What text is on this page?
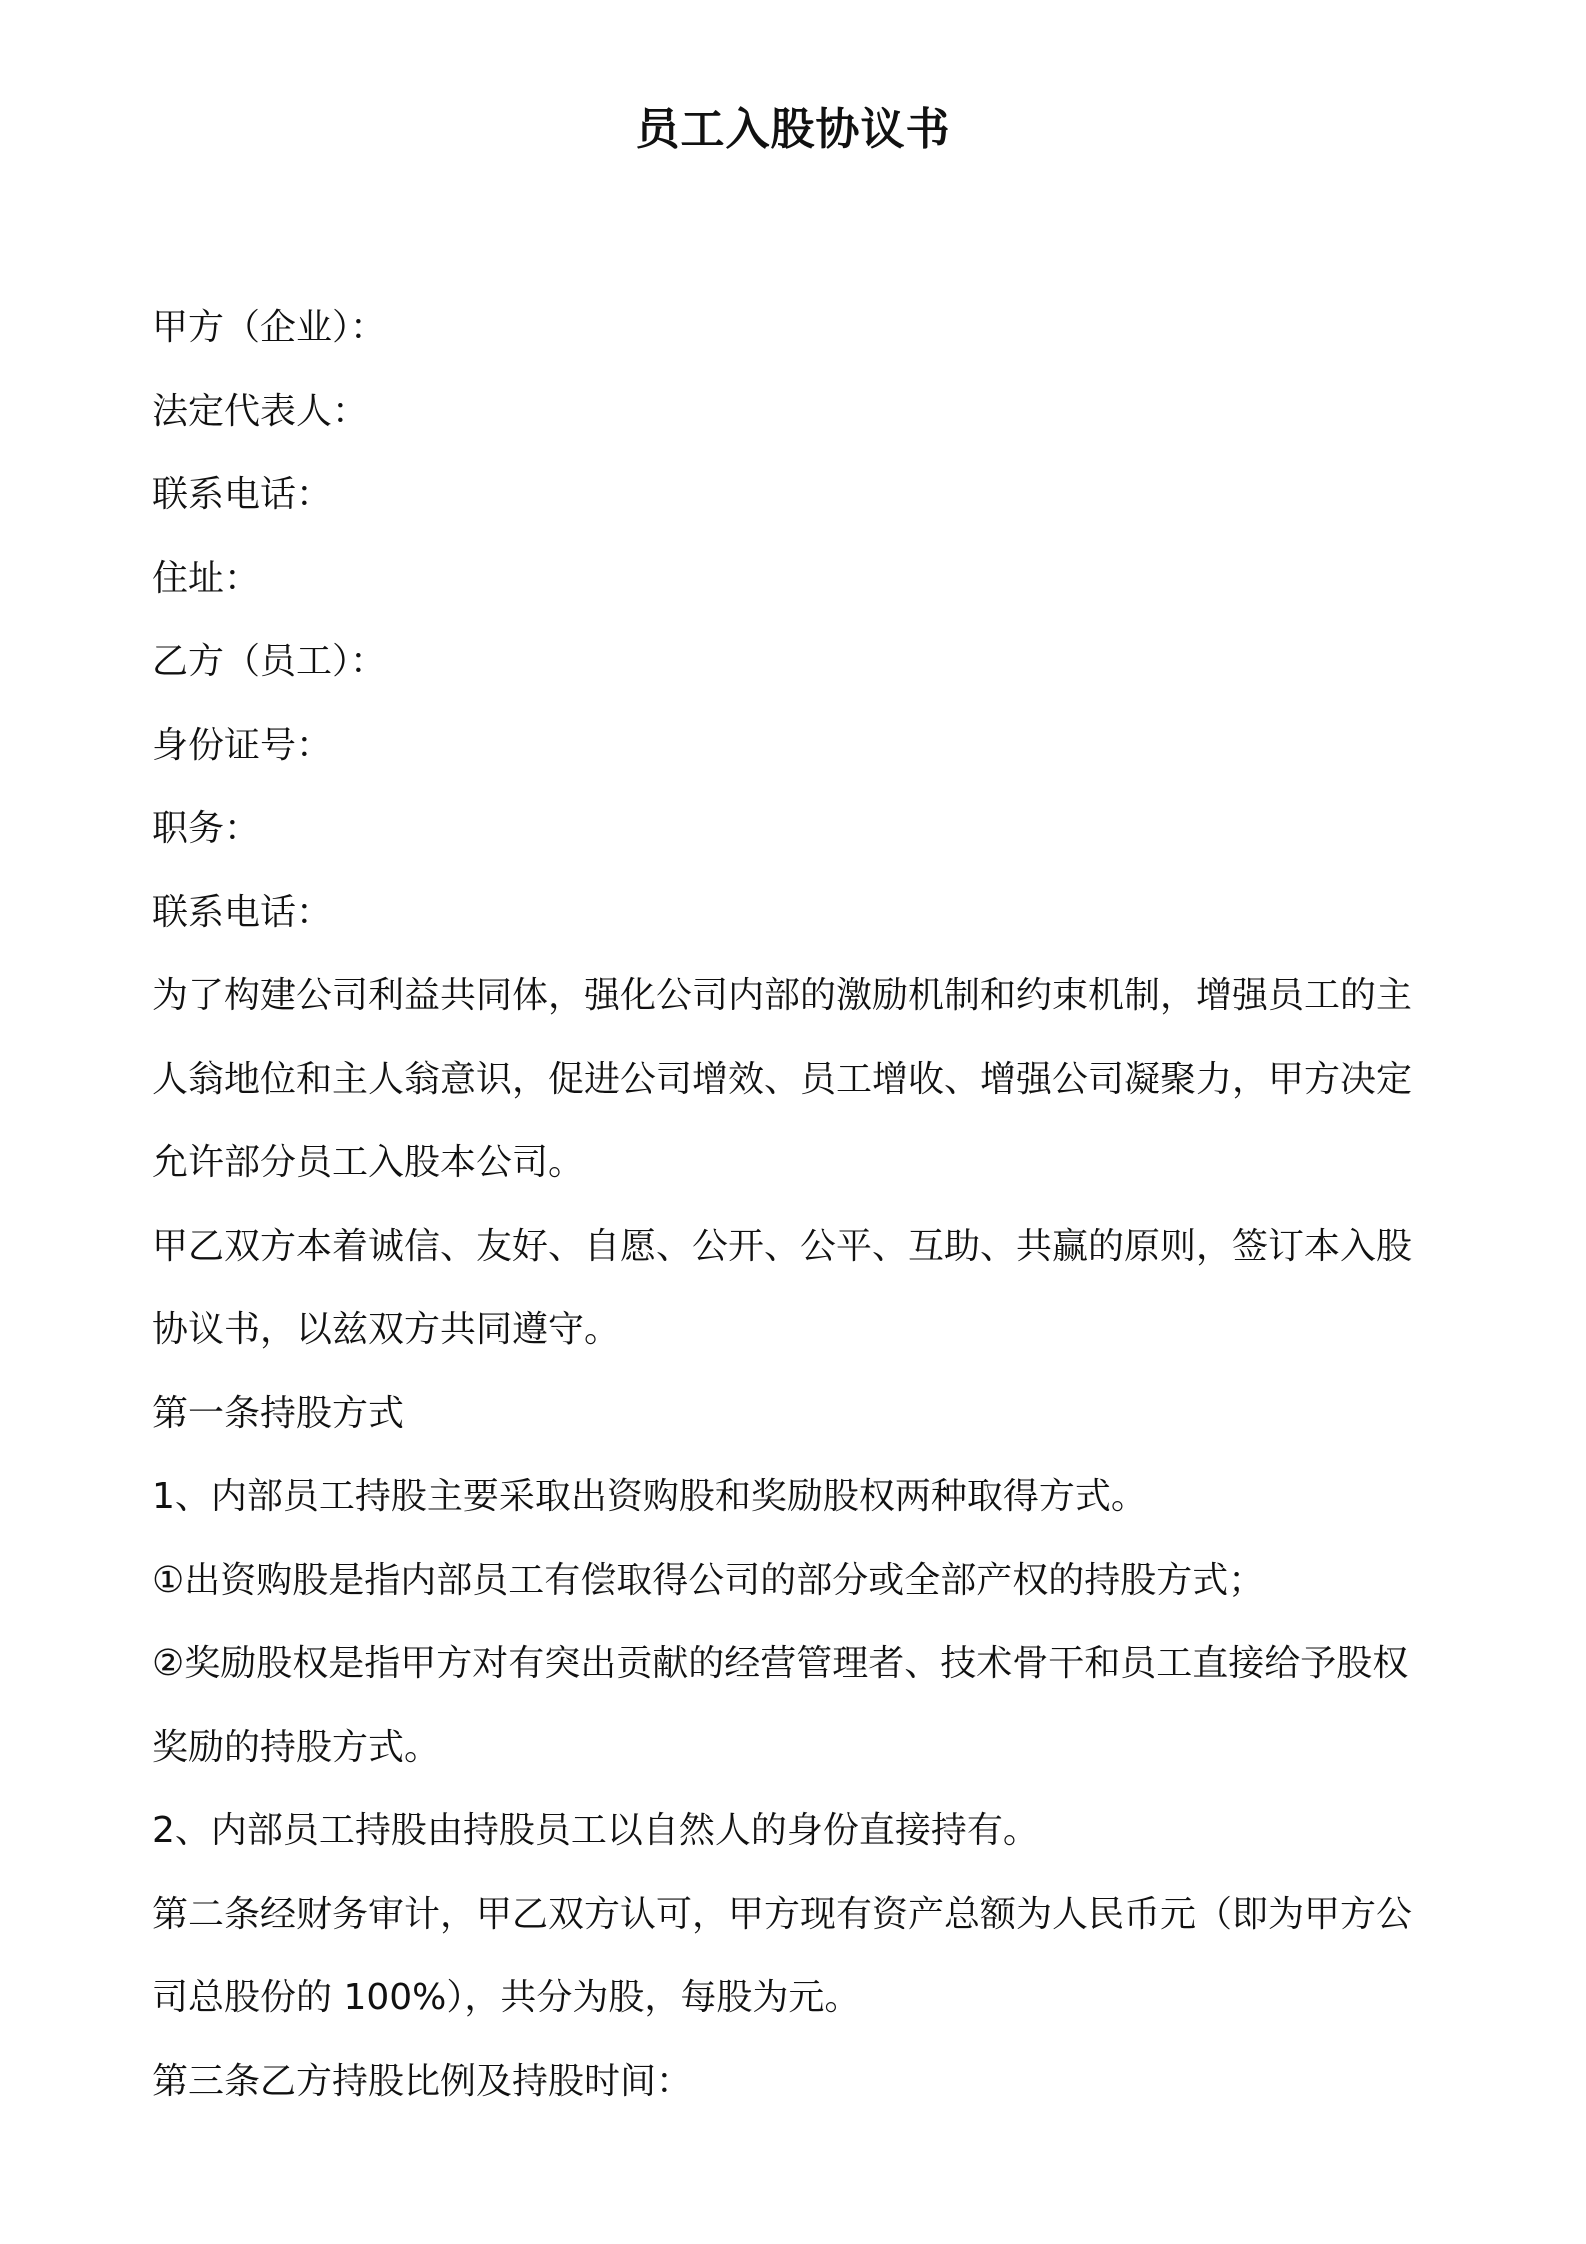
员工入股协议书

甲方（企业）：

法定代表人：

联系电话：

住址：

乙方（员工）：

身份证号：

职务：

联系电话：

为了构建公司利益共同体，强化公司内部的激励机制和约束机制，增强员工的主人翁地位和主人翁意识，促进公司增效、员工增收、增强公司凝聚力，甲方决定允许部分员工入股本公司。

甲乙双方本着诚信、友好、自愿、公开、公平、互助、共赢的原则，签订本入股协议书，以兹双方共同遵守。

第一条持股方式

1、内部员工持股主要采取出资购股和奖励股权两种取得方式。

①出资购股是指内部员工有偿取得公司的部分或全部产权的持股方式；

②奖励股权是指甲方对有突出贡献的经营管理者、技术骨干和员工直接给予股权奖励的持股方式。

2、内部员工持股由持股员工以自然人的身份直接持有。

第二条经财务审计，甲乙双方认可，甲方现有资产总额为人民币元（即为甲方公司总股份的 100%），共分为股，每股为元。

第三条乙方持股比例及持股时间：
